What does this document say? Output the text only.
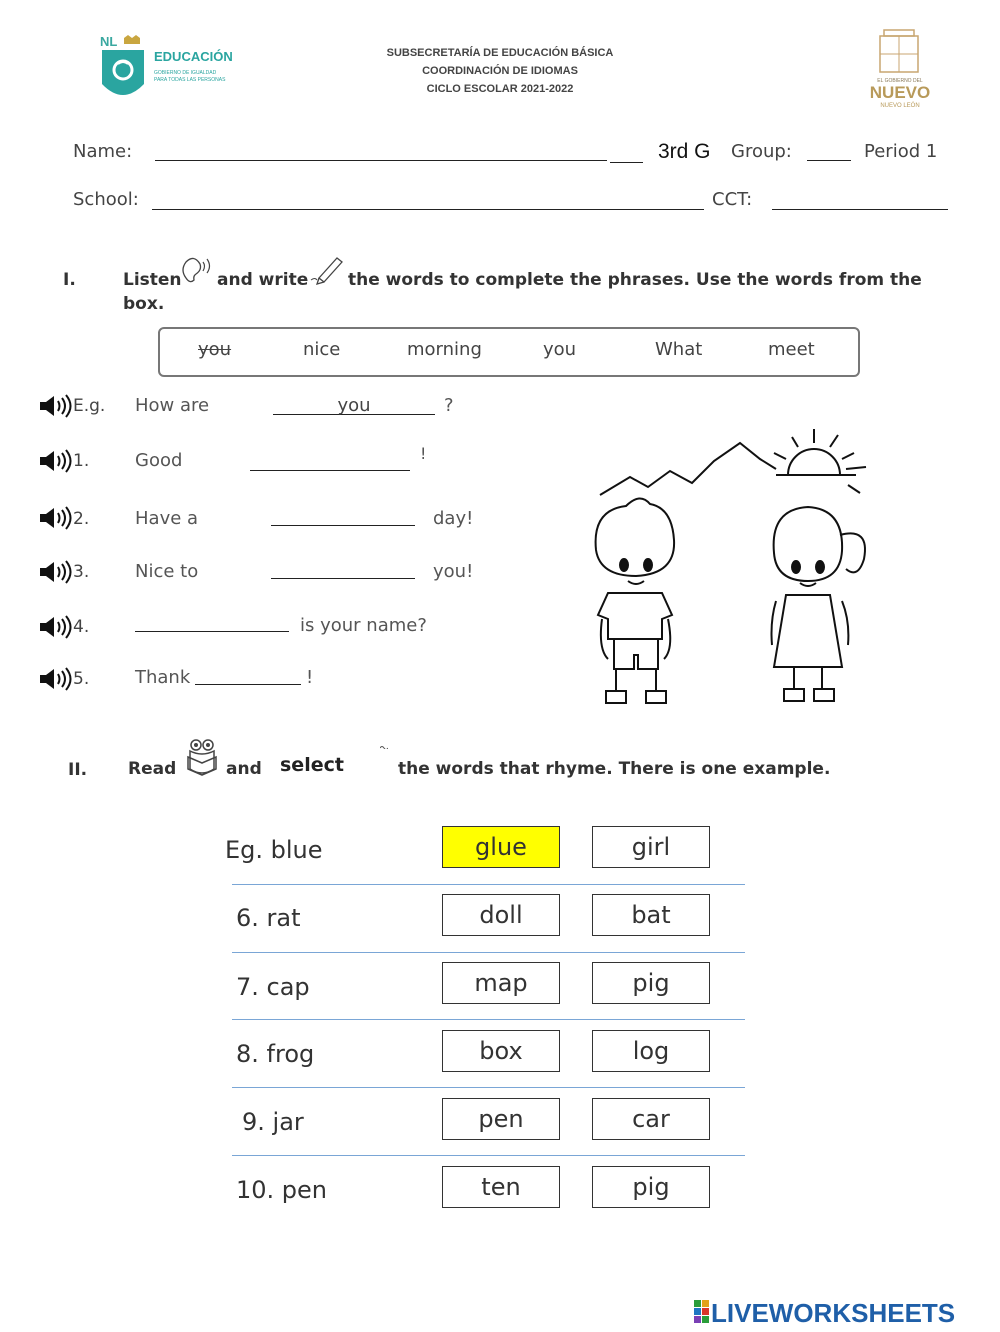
NL
EDUCACIÓN
GOBIERNO DE IGUALDAD
PARA TODAS LAS PERSONAS
SUBSECRETARÍA DE EDUCACIÓN BÁSICA
COORDINACIÓN DE IDIOMAS
CICLO ESCOLAR 2021-2022
EL GOBIERNO DEL
NUEVO
NUEVO LEÓN
Name:	3rd G Group:	Period 1
School:	CCT:
I.	Listen and write the words to complete the phrases. Use the words from the
box.
you	nice	morning	you	What	meet
E.g. How are	you	?
1.	Good	!
2.	Have a	day!
3.	Nice to	you!
4.	is your name?
5.	Thank	!
II. Read	and select	the words that rhyme. There is one example.
Eg. blue	glue	girl
6. rat	doll	bat
7. cap	map	pig
8. frog	box	log
9. jar	pen	car
10. pen	ten	pig
LIVEWORKSHEETS
